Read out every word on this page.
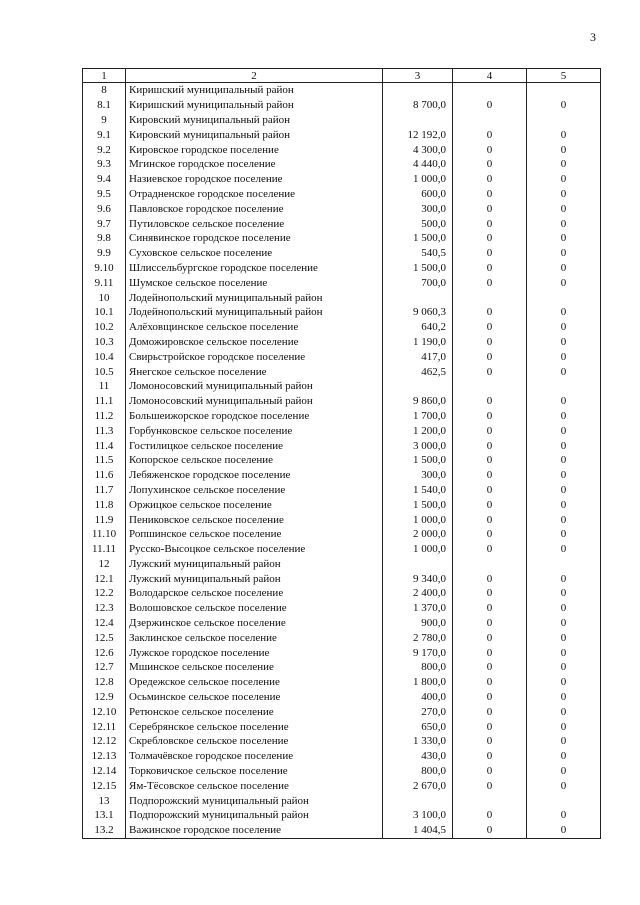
3
1	2	3	4	5
8	Киришский муниципальный район			
8.1	Киришский муниципальный район	8 700,0	0	0
9	Кировский муниципальный район			
9.1	Кировский муниципальный район	12 192,0	0	0
9.2	Кировское городское поселение	4 300,0	0	0
9.3	Мгинское городское поселение	4 440,0	0	0
9.4	Назиевское городское поселение	1 000,0	0	0
9.5	Отрадненское городское поселение	600,0	0	0
9.6	Павловское городское поселение	300,0	0	0
9.7	Путиловское сельское поселение	500,0	0	0
9.8	Синявинское городское поселение	1 500,0	0	0
9.9	Суховское сельское поселение	540,5	0	0
9.10	Шлиссельбургское городское поселение	1 500,0	0	0
9.11	Шумское сельское поселение	700,0	0	0
10	Лодейнопольский муниципальный район			
10.1	Лодейнопольский муниципальный район	9 060,3	0	0
10.2	Алёховщинское сельское поселение	640,2	0	0
10.3	Доможировское сельское поселение	1 190,0	0	0
10.4	Свирьстройское городское поселение	417,0	0	0
10.5	Янегское сельское поселение	462,5	0	0
11	Ломоносовский муниципальный район			
11.1	Ломоносовский муниципальный район	9 860,0	0	0
11.2	Большеижорское городское поселение	1 700,0	0	0
11.3	Горбунковское сельское поселение	1 200,0	0	0
11.4	Гостилицкое сельское поселение	3 000,0	0	0
11.5	Копорское сельское поселение	1 500,0	0	0
11.6	Лебяженское городское поселение	300,0	0	0
11.7	Лопухинское сельское поселение	1 540,0	0	0
11.8	Оржицкое сельское поселение	1 500,0	0	0
11.9	Пениковское сельское поселение	1 000,0	0	0
11.10	Ропшинское сельское поселение	2 000,0	0	0
11.11	Русско-Высоцкое сельское поселение	1 000,0	0	0
12	Лужский муниципальный район			
12.1	Лужский муниципальный район	9 340,0	0	0
12.2	Володарское сельское поселение	2 400,0	0	0
12.3	Волошовское сельское поселение	1 370,0	0	0
12.4	Дзержинское сельское поселение	900,0	0	0
12.5	Заклинское сельское поселение	2 780,0	0	0
12.6	Лужское городское поселение	9 170,0	0	0
12.7	Мшинское сельское поселение	800,0	0	0
12.8	Оредежское сельское поселение	1 800,0	0	0
12.9	Осьминское сельское поселение	400,0	0	0
12.10	Ретюнское сельское поселение	270,0	0	0
12.11	Серебрянское сельское поселение	650,0	0	0
12.12	Скребловское сельское поселение	1 330,0	0	0
12.13	Толмачёвское городское поселение	430,0	0	0
12.14	Торковичское сельское поселение	800,0	0	0
12.15	Ям-Тёсовское сельское поселение	2 670,0	0	0
13	Подпорожский муниципальный район			
13.1	Подпорожский муниципальный район	3 100,0	0	0
13.2	Важинское городское поселение	1 404,5	0	0
